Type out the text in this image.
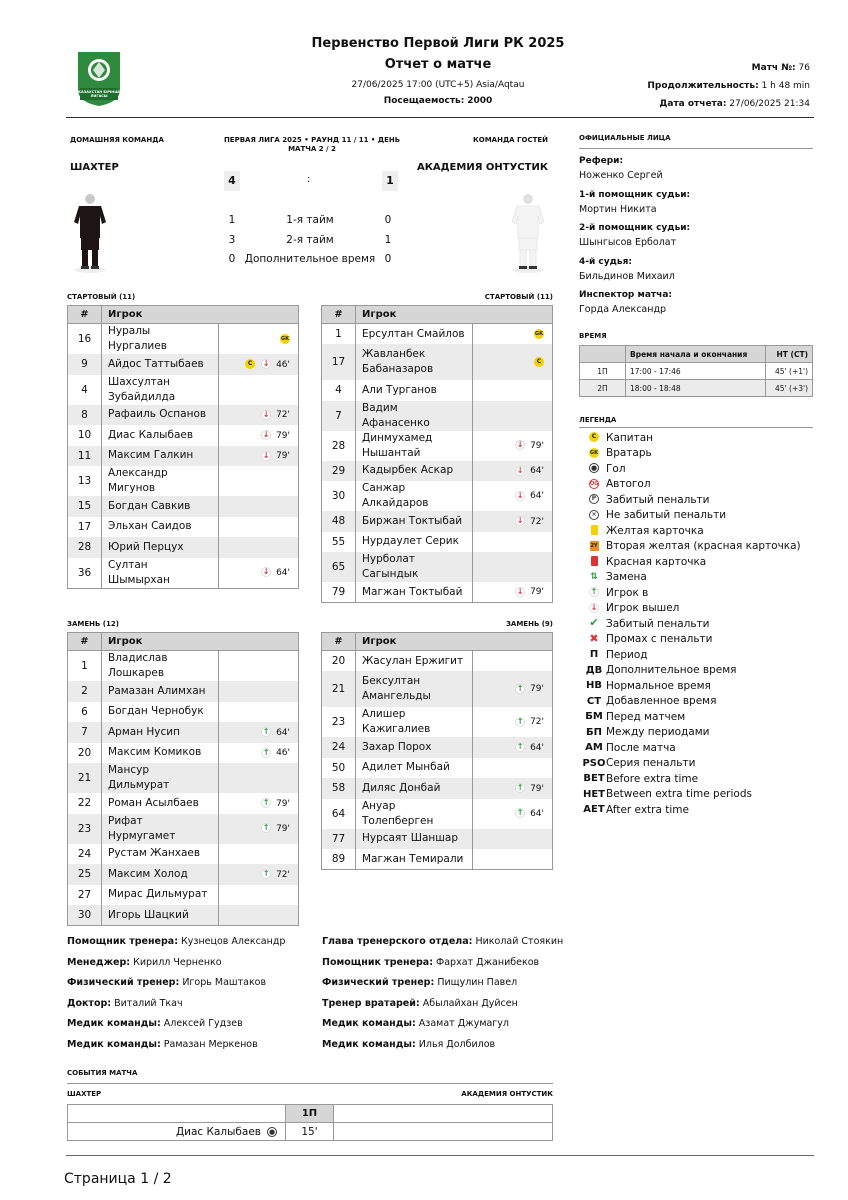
КАЗАХСТАН БІРІНШІ ЛИГАСЫ
Первенство Первой Лиги РК 2025
Отчет о матче
27/06/2025 17:00 (UTC+5) Asia/Aqtau
Посещаемость: 2000
Матч №: 76
Продолжительность: 1 h 48 min
Дата отчета: 27/06/2025 21:34
ДОМАШНЯЯ КОМАНДА	ПЕРВАЯ ЛИГА 2025 • РАУНД 11 / 11 • ДЕНЬ МАТЧА 2 / 2
КОМАНДА ГОСТЕЙ
ШАХТЕР	АКАДЕМИЯ ОНТУСТИК
4	:	1
1	1-я тайм	0
3	2-я тайм	1
0 Дополнительное время 0
СТАРТОВЫЙ (11)	СТАРТОВЫЙ (11)
#	Игрок	
16	Нуралы Нургалиев	GK
9	Айдос Таттыбаев	C ↓ 46'
4	Шахсултан Зубайдилда	
8	Рафаиль Оспанов	↓ 72'
10	Диас Калыбаев	↓ 79'
11	Максим Галкин	↓ 79'
13	Александр Мигунов	
15	Богдан Савкив	
17	Эльхан Саидов	
28	Юрий Перцух	
36	Султан Шымырхан	↓ 64'
#	Игрок	
1	Ерсултан Смайлов	GK
17	Жавланбек Бабаназаров	C
4	Али Турганов	
7	Вадим Афанасенко	
28	Динмухамед Нышантай	↓ 79'
29	Кадырбек Аскар	↓ 64'
30	Санжар Алкайдаров	↓ 64'
48	Биржан Токтыбай	↓ 72'
55	Нурдаулет Серик	
65	Нурболат Сагындык	
79	Магжан Токтыбай	↓ 79'
ЗАМЕНЬ (12)	ЗАМЕНЬ (9)
#	Игрок	
1	Владислав Лошкарев	
2	Рамазан Алимхан	
6	Богдан Чернобук	
7	Арман Нусип	↑ 64'
20	Максим Комиков	↑ 46'
21	Мансур Дильмурат	
22	Роман Асылбаев	↑ 79'
23	Рифат Нурмугамет	↑ 79'
24	Рустам Жанхаев	
25	Максим Холод	↑ 72'
27	Мирас Дильмурат	
30	Игорь Шацкий	
#	Игрок	
20	Жасулан Ержигит	
21	Бексултан Амангельды	↑ 79'
23	Алишер Кажигалиев	↑ 72'
24	Захар Порох	↑ 64'
50	Адилет Мынбай	
58	Диляс Донбай	↑ 79'
64	Ануар Толепберген	↑ 64'
77	Нурсаят Шаншар	
89	Магжан Темирали	
ОФИЦИАЛЬНЫЕ ЛИЦА
Рефери:
Ноженко Сергей
1-й помощник судьи:
Мортин Никита
2-й помощник судьи:
Шынгысов Ерболат
4-й судья:
Бильдинов Михаил
Инспектор матча:
Горда Александр
ВРЕМЯ
	Время начала и окончания	НТ (СТ)
1П	17:00 - 17:46	45' (+1')
2П	18:00 - 18:48	45' (+3')
ЛЕГЕНДА
C Капитан
GK Вратарь
● Гол
OG Автогол
P Забитый пенальти
× Не забитый пенальти
Желтая карточка
2Y Вторая желтая (красная карточка)
Красная карточка
⇅ Замена
↑ Игрок в
↓ Игрок вышел
✔ Забитый пенальти
✖ Промах с пенальти
П Период
ДВ Дополнительное время
НВ Нормальное время
СТ Добавленное время
БМ Перед матчем
БП Между периодами
АМ После матча
PSO Серия пенальти
BET Before extra time
HET Between extra time periods
AET After extra time
Помощник тренера: Кузнецов Александр
Менеджер: Кирилл Черненко
Физический тренер: Игорь Маштаков
Доктор: Виталий Ткач
Медик команды: Алексей Гудзев
Медик команды: Рамазан Меркенов
Глава тренерского отдела: Николай Стоякин
Помощник тренера: Фархат Джанибеков
Физический тренер: Пищулин Павел
Тренер вратарей: Абылайхан Дуйсен
Медик команды: Азамат Джумагул
Медик команды: Илья Долбилов
СОБЫТИЯ МАТЧА
ШАХТЕР	АКАДЕМИЯ ОНТУСТИК
	1П	
Диас Калыбаев ●	15'	
Страница 1 / 2
